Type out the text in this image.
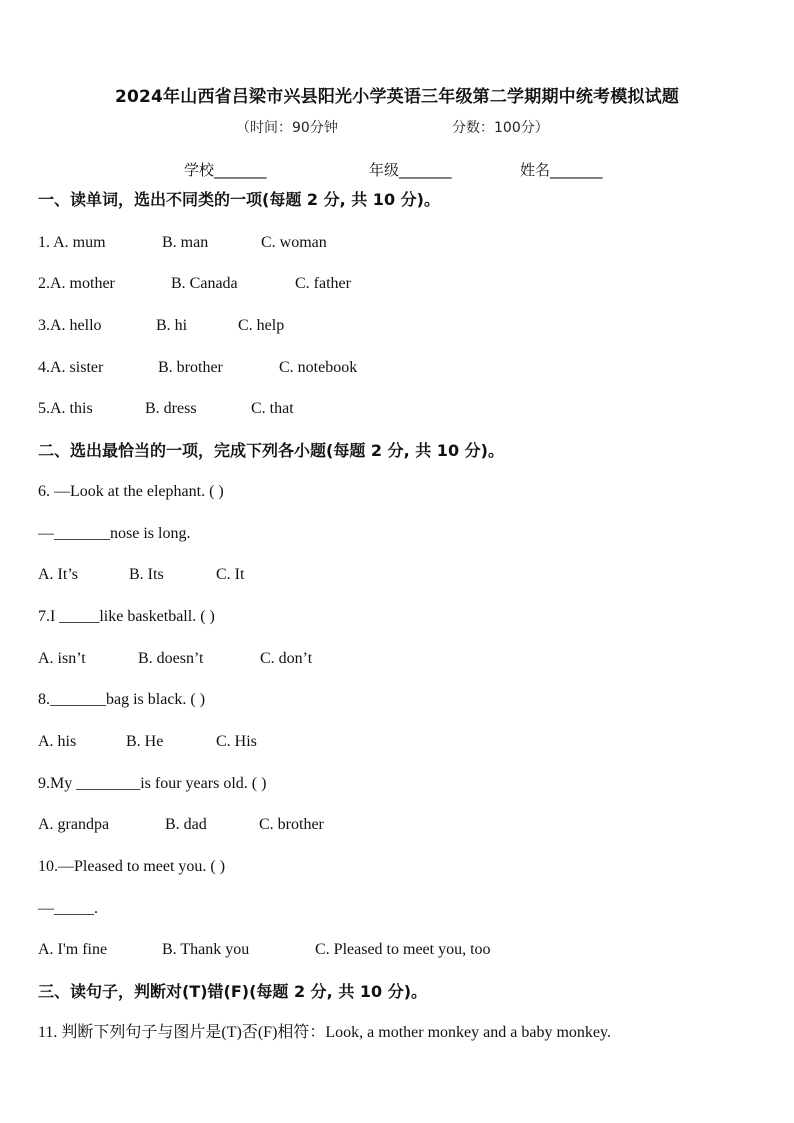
2024年山西省吕梁市兴县阳光小学英语三年级第二学期期中统考模拟试题
（时间：90分钟	分数：100分）
学校_______	年级_______	姓名_______
一、读单词，选出不同类的一项(每题 2 分, 共 10 分)。
1. A. mum	B. man	C. woman
2.A. mother	B. Canada	C. father
3.A. hello	B. hi	C. help
4.A. sister	B. brother	C. notebook
5.A. this	B. dress	C. that
二、选出最恰当的一项，完成下列各小题(每题 2 分, 共 10 分)。
6. —Look at the elephant. ( )
—_______nose is long.
A. It’s	B. Its	C. It
7.I _____like basketball. ( )
A. isn’t	B. doesn’t	C. don’t
8._______bag is black. ( )
A. his	B. He	C. His
9.My ________is four years old. ( )
A. grandpa	B. dad	C. brother
10.—Pleased to meet you. ( )
—_____.
A. I'm fine	B. Thank you	C. Pleased to meet you, too
三、读句子，判断对(T)错(F)(每题 2 分, 共 10 分)。
11. 判断下列句子与图片是(T)否(F)相符：Look, a mother monkey and a baby monkey.
